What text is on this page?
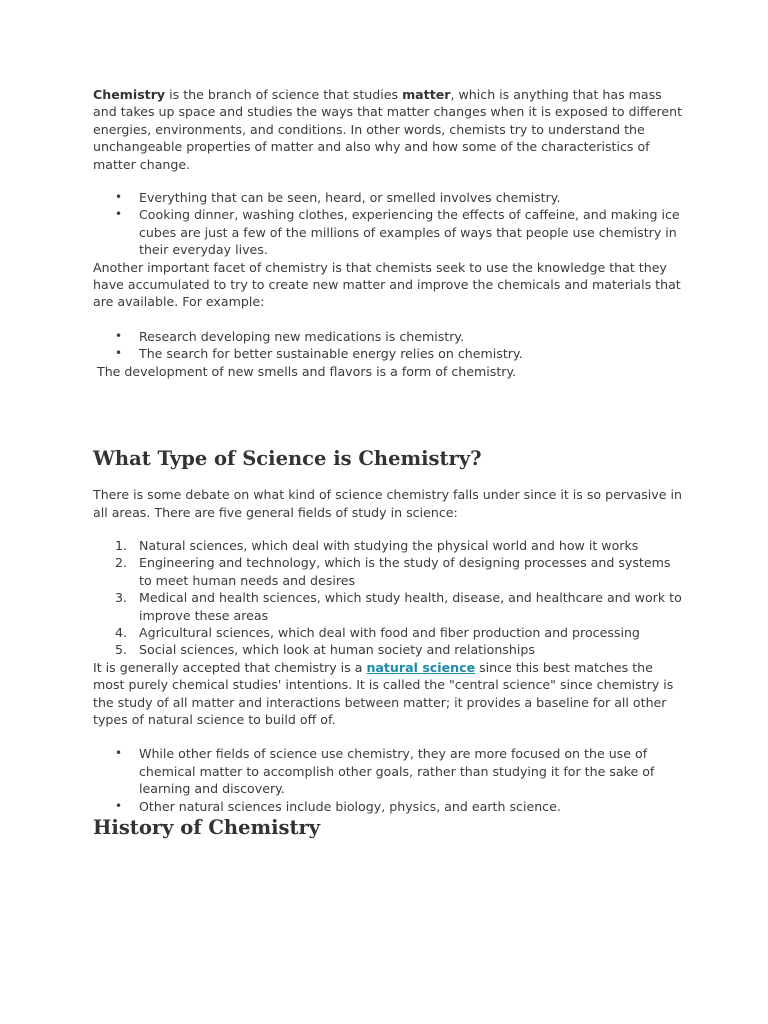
Chemistry is the branch of science that studies matter, which is anything that has mass and takes up space and studies the ways that matter changes when it is exposed to different energies, environments, and conditions. In other words, chemists try to understand the unchangeable properties of matter and also why and how some of the characteristics of matter change.

• Everything that can be seen, heard, or smelled involves chemistry.
• Cooking dinner, washing clothes, experiencing the effects of caffeine, and making ice cubes are just a few of the millions of examples of ways that people use chemistry in their everyday lives.

Another important facet of chemistry is that chemists seek to use the knowledge that they have accumulated to try to create new matter and improve the chemicals and materials that are available. For example:

• Research developing new medications is chemistry.
• The search for better sustainable energy relies on chemistry.

The development of new smells and flavors is a form of chemistry.

What Type of Science is Chemistry?

There is some debate on what kind of science chemistry falls under since it is so pervasive in all areas. There are five general fields of study in science:

1. Natural sciences, which deal with studying the physical world and how it works
2. Engineering and technology, which is the study of designing processes and systems to meet human needs and desires
3. Medical and health sciences, which study health, disease, and healthcare and work to improve these areas
4. Agricultural sciences, which deal with food and fiber production and processing
5. Social sciences, which look at human society and relationships

It is generally accepted that chemistry is a natural science since this best matches the most purely chemical studies' intentions. It is called the "central science" since chemistry is the study of all matter and interactions between matter; it provides a baseline for all other types of natural science to build off of.

• While other fields of science use chemistry, they are more focused on the use of chemical matter to accomplish other goals, rather than studying it for the sake of learning and discovery.
• Other natural sciences include biology, physics, and earth science.
History of Chemistry
